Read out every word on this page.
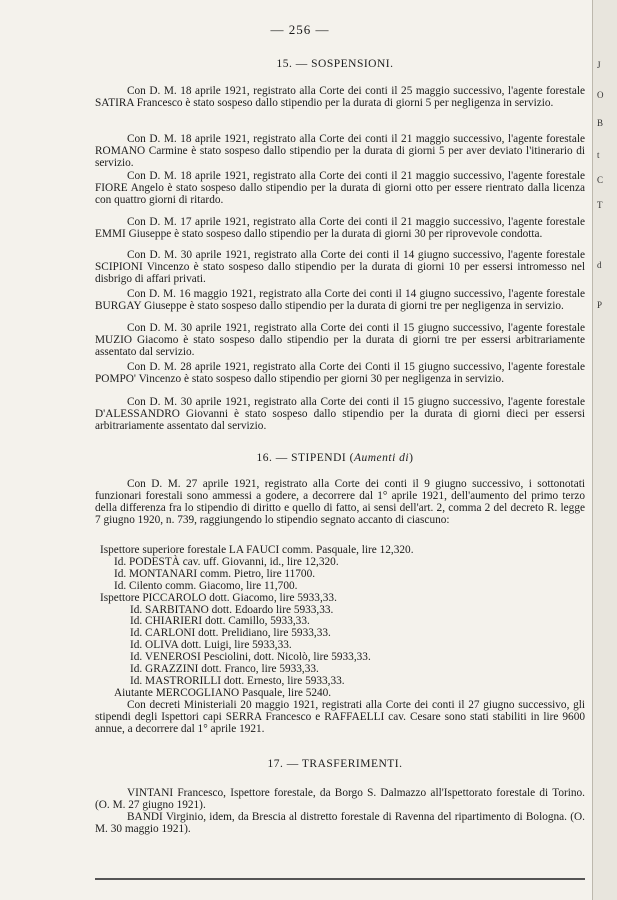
— 256 —
15. — SOSPENSIONI.
Con D. M. 18 aprile 1921, registrato alla Corte dei conti il 25 maggio successivo, l'agente forestale SATIRA Francesco è stato sospeso dallo stipendio per la durata di giorni 5 per negligenza in servizio.
Con D. M. 18 aprile 1921, registrato alla Corte dei conti il 21 maggio successivo, l'agente forestale ROMANO Carmine è stato sospeso dallo stipendio per la durata di giorni 5 per aver deviato l'itinerario di servizio.
Con D. M. 18 aprile 1921, registrato alla Corte dei conti il 21 maggio successivo, l'agente forestale FIORE Angelo è stato sospeso dallo stipendio per la durata di giorni otto per essere rientrato dalla licenza con quattro giorni di ritardo.
Con D. M. 17 aprile 1921, registrato alla Corte dei conti il 21 maggio successivo, l'agente forestale EMMI Giuseppe è stato sospeso dallo stipendio per la durata di giorni 30 per riprovevole condotta.
Con D. M. 30 aprile 1921, registrato alla Corte dei conti il 14 giugno successivo, l'agente forestale SCIPIONI Vincenzo è stato sospeso dallo stipendio per la durata di giorni 10 per essersi intromesso nel disbrigo di affari privati.
Con D. M. 16 maggio 1921, registrato alla Corte dei conti il 14 giugno successivo, l'agente forestale BURGAY Giuseppe è stato sospeso dallo stipendio per la durata di giorni tre per negligenza in servizio.
Con D. M. 30 aprile 1921, registrato alla Corte dei conti il 15 giugno successivo, l'agente forestale MUZIO Giacomo è stato sospeso dallo stipendio per la durata di giorni tre per essersi arbitrariamente assentato dal servizio.
Con D. M. 28 aprile 1921, registrato alla Corte dei Conti il 15 giugno successivo, l'agente forestale POMPO' Vincenzo è stato sospeso dallo stipendio per giorni 30 per negligenza in servizio.
Con D. M. 30 aprile 1921, registrato alla Corte dei conti il 15 giugno successivo, l'agente forestale D'ALESSANDRO Giovanni è stato sospeso dallo stipendio per la durata di giorni dieci per essersi arbitrariamente assentato dal servizio.
16. — STIPENDI (Aumenti di)
Con D. M. 27 aprile 1921, registrato alla Corte dei conti il 9 giugno successivo, i sottonotati funzionari forestali sono ammessi a godere, a decorrere dal 1° aprile 1921, dell'aumento del primo terzo della differenza fra lo stipendio di diritto e quello di fatto, ai sensi dell'art. 2, comma 2 del decreto R. legge 7 giugno 1920, n. 739, raggiungendo lo stipendio segnato accanto di ciascuno:
Ispettore superiore forestale LA FAUCI comm. Pasquale, lire 12,320.
Id. PODESTÀ cav. uff. Giovanni, id., lire 12,320.
Id. MONTANARI comm. Pietro, lire 11700.
Id. Cilento comm. Giacomo, lire 11,700.
Ispettore PICCAROLO dott. Giacomo, lire 5933,33.
Id. SARBITANO dott. Edoardo lire 5933,33.
Id. CHIARIERI dott. Camillo, 5933,33.
Id. CARLONI dott. Prelidiano, lire 5933,33.
Id. OLIVA dott. Luigi, lire 5933,33.
Id. VENEROSI Pesciolini, dott. Nicolò, lire 5933,33.
Id. GRAZZINI dott. Franco, lire 5933,33.
Id. MASTRORILLI dott. Ernesto, lire 5933,33.
Aiutante MERCOGLIANO Pasquale, lire 5240.
Con decreti Ministeriali 20 maggio 1921, registrati alla Corte dei conti il 27 giugno successivo, gli stipendi degli Ispettori capi SERRA Francesco e RAFFAELLI cav. Cesare sono stati stabiliti in lire 9600 annue, a decorrere dal 1° aprile 1921.
17. — TRASFERIMENTI.
VINTANI Francesco, Ispettore forestale, da Borgo S. Dalmazzo all'Ispettorato forestale di Torino. (O. M. 27 giugno 1921).
BANDI Virginio, idem, da Brescia al distretto forestale di Ravenna del ripartimento di Bologna. (O. M. 30 maggio 1921).
J
O
B
t
C
T
d
P
